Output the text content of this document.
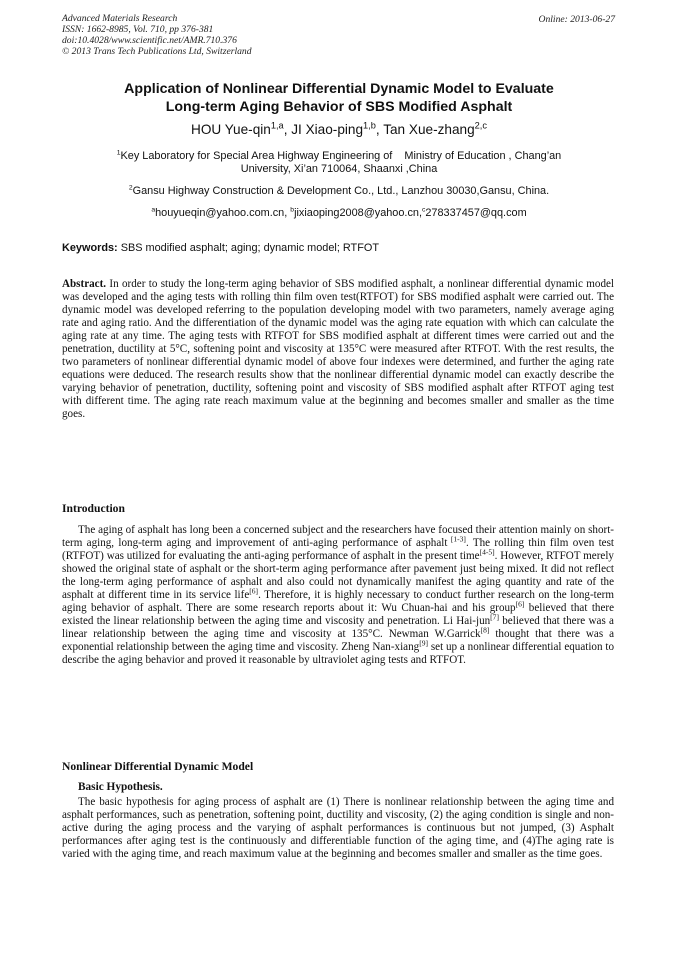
Advanced Materials Research
ISSN: 1662-8985, Vol. 710, pp 376-381
doi:10.4028/www.scientific.net/AMR.710.376
© 2013 Trans Tech Publications Ltd, Switzerland
Online: 2013-06-27
Application of Nonlinear Differential Dynamic Model to Evaluate
Long-term Aging Behavior of SBS Modified Asphalt
HOU Yue-qin$^{1,a}$, JI Xiao-ping$^{1,b}$, Tan Xue-zhang$^{2,c}$
$^1$Key Laboratory for Special Area Highway Engineering of    Ministry of Education , Chang’an
University, Xi’an 710064, Shaanxi ,China
$^2$Gansu Highway Construction & Development Co., Ltd., Lanzhou 30030,Gansu, China.
$^a$houyueqin@yahoo.com.cn, $^b$jixiaoping2008@yahoo.cn,$^c$278337457@qq.com
Keywords: SBS modified asphalt; aging; dynamic model; RTFOT

Abstract. In order to study the long-term aging behavior of SBS modified asphalt, a nonlinear differential dynamic model was developed and the aging tests with rolling thin film oven test(RTFOT) for SBS modified asphalt were carried out. The dynamic model was developed referring to the population developing model with two parameters, namely average aging rate and aging ratio. And the differentiation of the dynamic model was the aging rate equation with which can calculate the aging rate at any time. The aging tests with RTFOT for SBS modified asphalt at different times were carried out and the penetration, ductility at 5°C, softening point and viscosity at 135°C were measured after RTFOT. With the rest results, the two parameters of nonlinear differential dynamic model of above four indexes were determined, and further the aging rate equations were deduced. The research results show that the nonlinear differential dynamic model can exactly describe the varying behavior of penetration, ductility, softening point and viscosity of SBS modified asphalt after RTFOT aging test with different time. The aging rate reach maximum value at the beginning and becomes smaller and smaller as the time goes.

Introduction

The aging of asphalt has long been a concerned subject and the researchers have focused their attention mainly on short-term aging, long-term aging and improvement of anti-aging performance of asphalt [1-3]. The rolling thin film oven test (RTFOT) was utilized for evaluating the anti-aging performance of asphalt in the present time[4-5]. However, RTFOT merely showed the original state of asphalt or the short-term aging performance after pavement just being mixed. It did not reflect the long-term aging performance of asphalt and also could not dynamically manifest the aging quantity and rate of the asphalt at different time in its service life[6]. Therefore, it is highly necessary to conduct further research on the long-term aging behavior of asphalt. There are some research reports about it: Wu Chuan-hai and his group[6] believed that there existed the linear relationship between the aging time and viscosity and penetration. Li Hai-jun[7] believed that there was a linear relationship between the aging time and viscosity at 135°C. Newman W.Garrick[8] thought that there was a exponential relationship between the aging time and viscosity. Zheng Nan-xiang[9] set up a nonlinear differential equation to describe the aging behavior and proved it reasonable by ultraviolet aging tests and RTFOT.

Nonlinear Differential Dynamic Model
Basic Hypothesis.

The basic hypothesis for aging process of asphalt are (1) There is nonlinear relationship between the aging time and asphalt performances, such as penetration, softening point, ductility and viscosity, (2) the aging condition is single and non-active during the aging process and the varying of asphalt performances is continuous but not jumped, (3) Asphalt performances after aging test is the continuously and differentiable function of the aging time, and (4)The aging rate is varied with the aging time, and reach maximum value at the beginning and becomes smaller and smaller as the time goes.
